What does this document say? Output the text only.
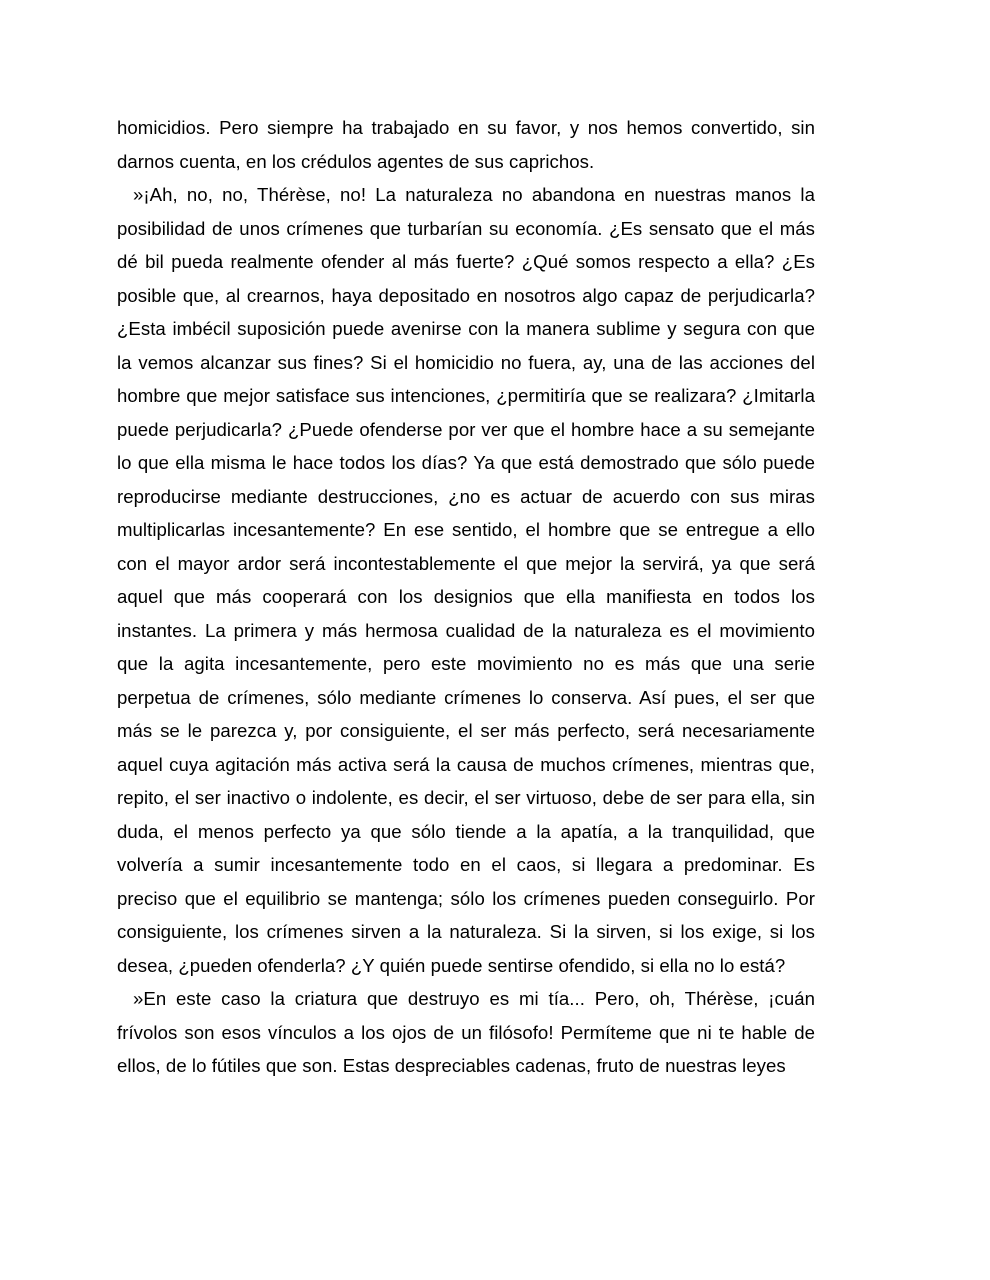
homicidios. Pero siempre ha trabajado en su favor, y nos hemos convertido, sin darnos cuenta, en los crédulos agentes de sus caprichos.

»¡Ah, no, no, Thérèse, no! La naturaleza no abandona en nuestras manos la posibilidad de unos crímenes que turbarían su economía. ¿Es sensato que el más dé bil pueda realmente ofender al más fuerte? ¿Qué somos respecto a ella? ¿Es posible que, al crearnos, haya depositado en nosotros algo capaz de perjudicarla? ¿Esta imbécil suposición puede avenirse con la manera sublime y segura con que la vemos alcanzar sus fines? Si el homicidio no fuera, ay, una de las acciones del hombre que mejor satisface sus intenciones, ¿permitiría que se realizara? ¿Imitarla puede perjudicarla? ¿Puede ofenderse por ver que el hombre hace a su semejante lo que ella misma le hace todos los días? Ya que está demostrado que sólo puede reproducirse mediante destrucciones, ¿no es actuar de acuerdo con sus miras multiplicarlas incesantemente? En ese sentido, el hombre que se entregue a ello con el mayor ardor será incontestablemente el que mejor la servirá, ya que será aquel que más cooperará con los designios que ella manifiesta en todos los instantes. La primera y más hermosa cualidad de la naturaleza es el movimiento que la agita incesantemente, pero este movimiento no es más que una serie perpetua de crímenes, sólo mediante crímenes lo conserva. Así pues, el ser que más se le parezca y, por consiguiente, el ser más perfecto, será necesariamente aquel cuya agitación más activa será la causa de muchos crímenes, mientras que, repito, el ser inactivo o indolente, es decir, el ser virtuoso, debe de ser para ella, sin duda, el menos perfecto ya que sólo tiende a la apatía, a la tranquilidad, que volvería a sumir incesantemente todo en el caos, si llegara a predominar. Es preciso que el equilibrio se mantenga; sólo los crímenes pueden conseguirlo. Por consiguiente, los crímenes sirven a la naturaleza. Si la sirven, si los exige, si los desea, ¿pueden ofenderla? ¿Y quién puede sentirse ofendido, si ella no lo está?

»En este caso la criatura que destruyo es mi tía... Pero, oh, Thérèse, ¡cuán frívolos son esos vínculos a los ojos de un filósofo! Permíteme que ni te hable de ellos, de lo fútiles que son. Estas despreciables cadenas, fruto de nuestras leyes
